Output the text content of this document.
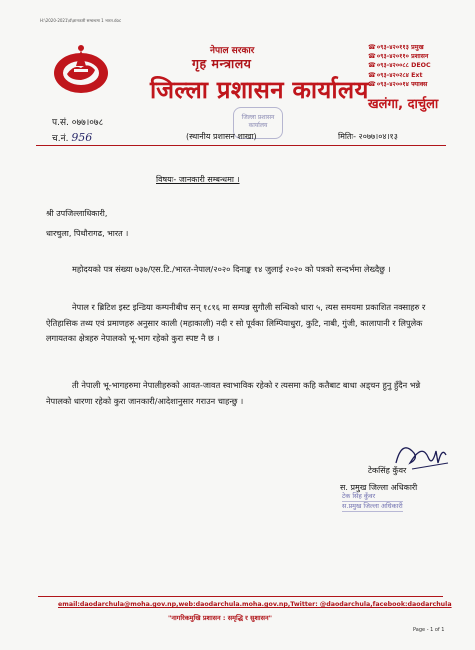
H:\2020-2021\d\ज्ञानकारी सम्बन्धमा 1 भारत.doc
नेपाल सरकार
गृह मन्त्रालय
जिल्ला प्रशासन कार्यालय
☎ ०९३-४२०११३ प्रमुख
☎ ०९३-४२०११० प्रशासन
☎ ०९३-४२००८८ DEOC
☎ ०९३-४२०२८४ Ext
☎ ०९३-४२००१४ फ्याक्स
खलंगा, दार्चुला
जिल्ला प्रशासन कार्यालय
प.सं. ०७७।०७८
च.नं. 956	(स्थानीय प्रशासन शाखा)	मितिः- २०७७।०४।१३
विषयः- जानकारी सम्बन्धमा ।
श्री उपजिल्लाधिकारी,
धारचुला, पिथौरागढ, भारत ।
महोदयको पत्र संख्या ७३७/एस.टि./भारत-नेपाल/२०२० दिनाङ्क १४ जुलाई २०२० को पत्रको सन्दर्भमा लेख्दैछु ।
नेपाल र ब्रिटिश इस्ट इन्डिया कम्पनीबीच सन् १८१६ मा सम्पन्न सुगौली सन्धिको धारा ५, त्यस समयमा प्रकाशित नक्साहरु र ऐतिहासिक तथ्य एवं प्रमाणहरु अनुसार काली (महाकाली) नदी र सो पूर्वका लिम्पियाधुरा, कुटि, नाबी, गुंजी, कालापानी र लिपुलेक लगायतका क्षेत्रहरु नेपालको भू-भाग रहेको कुरा स्पष्ट नै छ ।
ती नेपाली भू-भागहरुमा नेपालीहरुको आवत-जावत स्वाभाविक रहेको र त्यसमा कहि कतैबाट बाधा अड्चन हुनु हुँदैन भन्ने नेपालको धारणा रहेको कुरा जानकारी/आदेशानुसार गराउन चाहन्छु ।
टेकसिंह कुँवर
स. प्रमुख जिल्ला अधिकारी
टेक सिंह कुँवर
स.प्रमुख जिल्ला अधिकारी
email:daodarchula@moha.gov.np,web:daodarchula.moha.gov.np,Twitter: @daodarchula,facebook:daodarchula
"नागरिकमुखि प्रशासन : समृद्धि र सुशासन"
Page - 1 of 1
